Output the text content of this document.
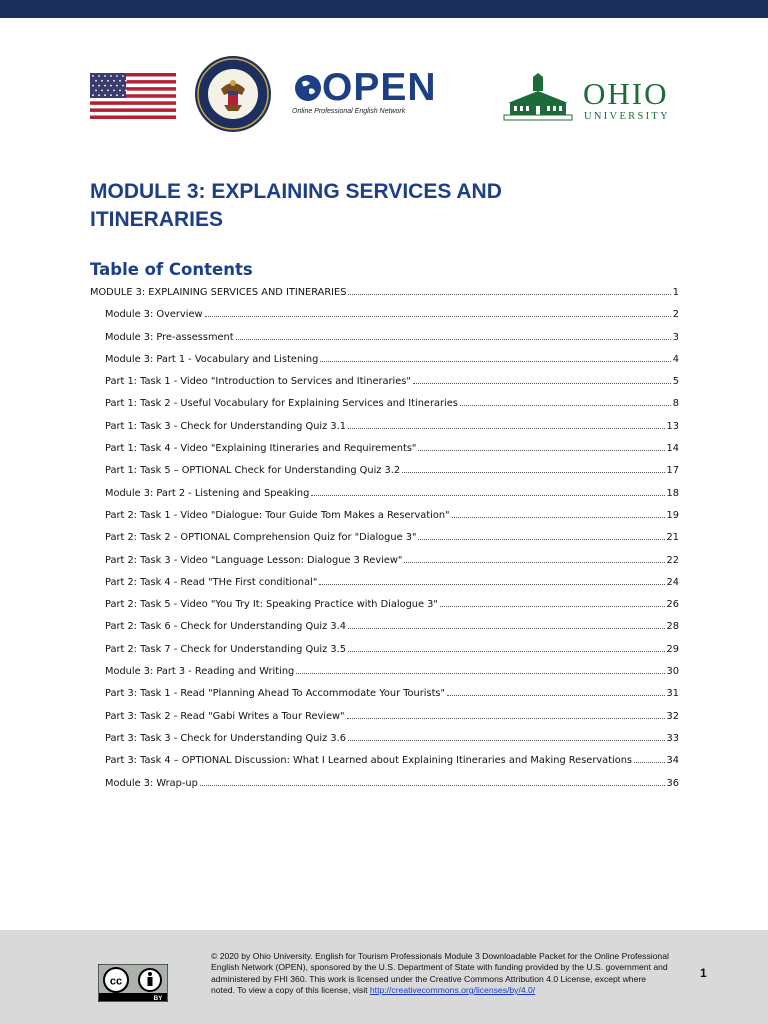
OPEN
Online Professional English Network
OHIO
UNIVERSITY
MODULE 3: EXPLAINING SERVICES AND ITINERARIES
Table of Contents
MODULE 3: EXPLAINING SERVICES AND ITINERARIES	1
Module 3: Overview	2
Module 3: Pre-assessment	3
Module 3: Part 1 - Vocabulary and Listening	4
Part 1: Task 1 - Video "Introduction to Services and Itineraries"	5
Part 1: Task 2 - Useful Vocabulary for Explaining Services and Itineraries	8
Part 1: Task 3 - Check for Understanding Quiz 3.1	13
Part 1: Task 4 - Video "Explaining Itineraries and Requirements"	14
Part 1: Task 5 – OPTIONAL Check for Understanding Quiz 3.2	17
Module 3: Part 2 - Listening and Speaking	18
Part 2: Task 1 - Video "Dialogue: Tour Guide Tom Makes a Reservation"	19
Part 2: Task 2 - OPTIONAL Comprehension Quiz for "Dialogue 3"	21
Part 2: Task 3 - Video "Language Lesson: Dialogue 3 Review"	22
Part 2: Task 4 - Read "THe First conditional"	24
Part 2: Task 5 - Video "You Try It: Speaking Practice with Dialogue 3"	26
Part 2: Task 6 - Check for Understanding Quiz 3.4	28
Part 2: Task 7 - Check for Understanding Quiz 3.5	29
Module 3: Part 3 - Reading and Writing	30
Part 3: Task 1 - Read "Planning Ahead To Accommodate Your Tourists"	31
Part 3: Task 2 - Read "Gabi Writes a Tour Review"	32
Part 3: Task 3 - Check for Understanding Quiz 3.6	33
Part 3: Task 4 – OPTIONAL Discussion: What I Learned about Explaining Itineraries and Making Reservations	34
Module 3: Wrap-up	36
cc
BY

© 2020 by Ohio University. English for Tourism Professionals Module 3 Downloadable Packet for the Online Professional English Network (OPEN), sponsored by the U.S. Department of State with funding provided by the U.S. government and administered by FHI 360. This work is licensed under the Creative Commons Attribution 4.0 License, except where noted. To view a copy of this license, visit http://creativecommons.org/licenses/by/4.0/

1
